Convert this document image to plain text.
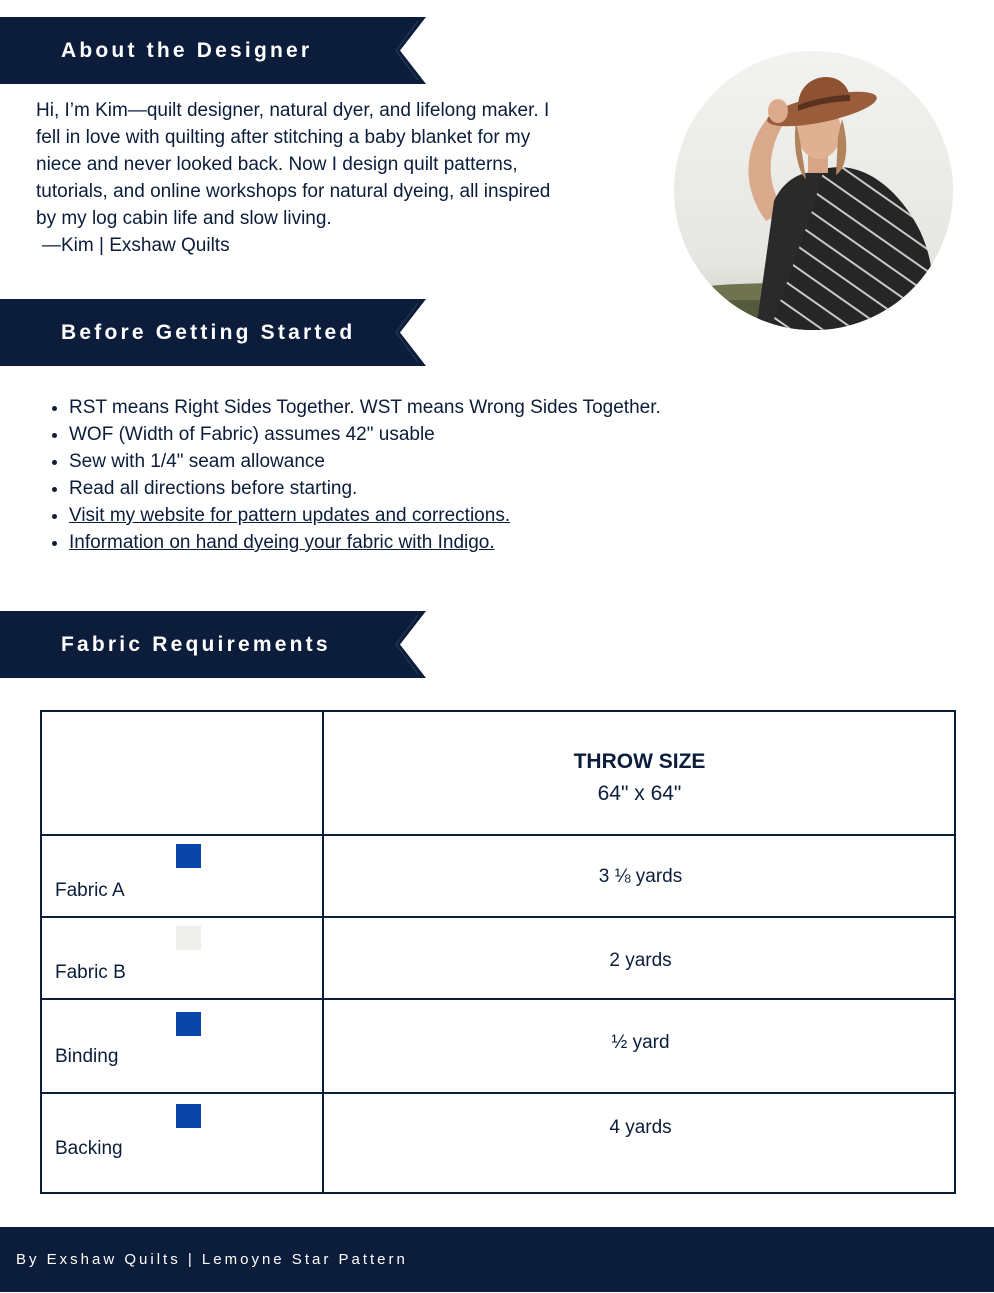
About the Designer

Hi, I’m Kim—quilt designer, natural dyer, and lifelong maker. I fell in love with quilting after stitching a baby blanket for my niece and never looked back. Now I design quilt patterns, tutorials, and online workshops for natural dyeing, all inspired by my log cabin life and slow living.

—Kim | Exshaw Quilts

Before Getting Started
• RST means Right Sides Together. WST means Wrong Sides Together.
• WOF (Width of Fabric) assumes 42" usable
• Sew with 1/4" seam allowance
• Read all directions before starting.
• Visit my website for pattern updates and corrections.
• Information on hand dyeing your fabric with Indigo.
Fabric Requirements
THROW SIZE
64" x 64"
Fabric A
3 ⅛ yards
Fabric B
2 yards
Binding
½ yard
Backing
4 yards
By Exshaw Quilts | Lemoyne Star Pattern
